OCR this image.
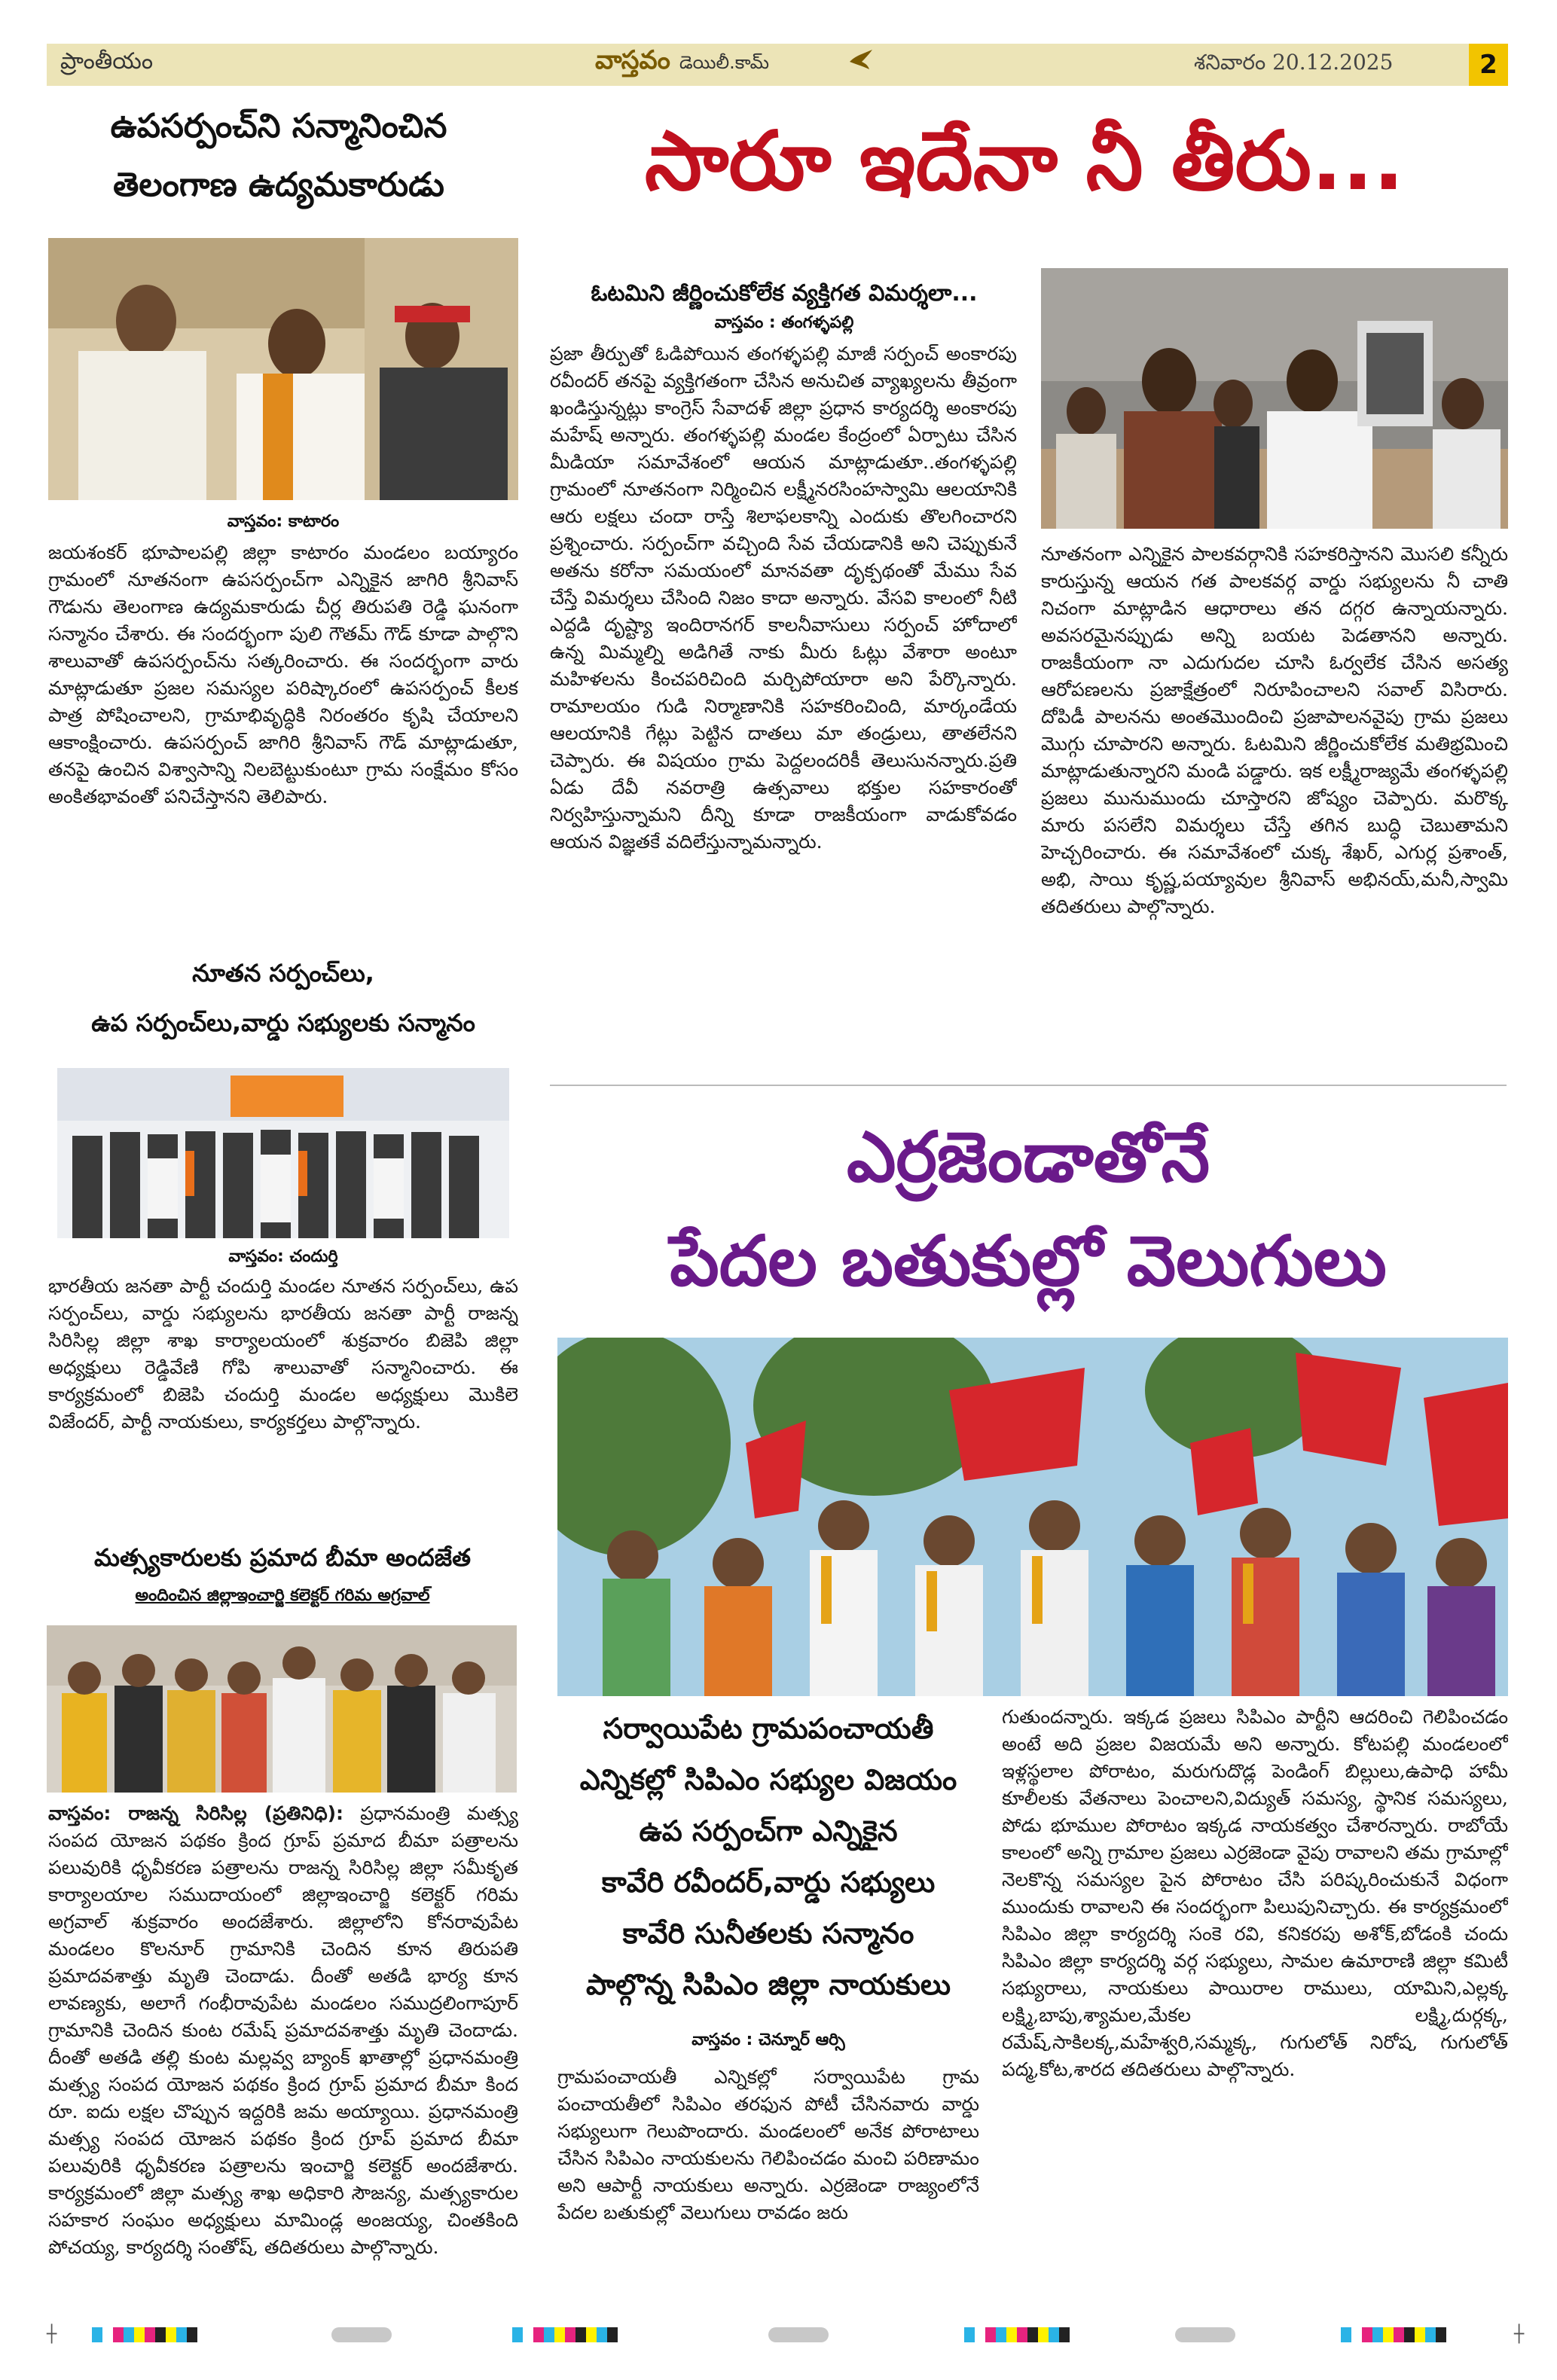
ప్రాంతీయం	వాస్తవం డెయిలీ.కామ్	శనివారం 20.12.2025	2
ఉపసర్పంచ్‌ని సన్మానించిన
తెలంగాణ ఉద్యమకారుడు
వాస్తవం: కాటారం
జయశంకర్ భూపాలపల్లి జిల్లా కాటారం మండలం బయ్యారం గ్రామంలో నూతనంగా ఉపసర్పంచ్‌గా ఎన్నికైన జాగిరి శ్రీనివాస్ గౌడును తెలంగాణ ఉద్యమకారుడు చీర్ల తిరుపతి రెడ్డి ఘనంగా సన్మానం చేశారు. ఈ సందర్భంగా పులి గౌతమ్ గౌడ్ కూడా పాల్గొని శాలువాతో ఉపసర్పంచ్‌ను సత్కరించారు. ఈ సందర్భంగా వారు మాట్లాడుతూ ప్రజల సమస్యల పరిష్కారంలో ఉపసర్పంచ్ కీలక పాత్ర పోషించాలని, గ్రామాభివృద్ధికి నిరంతరం కృషి చేయాలని ఆకాంక్షించారు. ఉపసర్పంచ్ జాగిరి శ్రీనివాస్ గౌడ్ మాట్లాడుతూ, తనపై ఉంచిన విశ్వాసాన్ని నిలబెట్టుకుంటూ గ్రామ సంక్షేమం కోసం అంకితభావంతో పనిచేస్తానని తెలిపారు.
నూతన సర్పంచ్‌లు,
ఉప సర్పంచ్‌లు,వార్డు సభ్యులకు సన్మానం
వాస్తవం: చందుర్తి
భారతీయ జనతా పార్టీ చందుర్తి మండల నూతన సర్పంచ్‌లు, ఉప సర్పంచ్‌లు, వార్డు సభ్యులను భారతీయ జనతా పార్టీ రాజన్న సిరిసిల్ల జిల్లా శాఖ కార్యాలయంలో శుక్రవారం బిజెపి జిల్లా అధ్యక్షులు రెడ్డివేణి గోపి శాలువాతో సన్మానించారు. ఈ కార్యక్రమంలో బిజెపి చందుర్తి మండల అధ్యక్షులు మొకిలె విజేందర్, పార్టీ నాయకులు, కార్యకర్తలు పాల్గొన్నారు.
మత్స్యకారులకు ప్రమాద బీమా అందజేత
అందించిన జిల్లాఇంచార్జి కలెక్టర్ గరిమ అగ్రవాల్
వాస్తవం: రాజన్న సిరిసిల్ల (ప్రతినిధి): ప్రధానమంత్రి మత్స్య సంపద యోజన పథకం క్రింద గ్రూప్ ప్రమాద బీమా పత్రాలను పలువురికి ధృవీకరణ పత్రాలను రాజన్న సిరిసిల్ల జిల్లా సమీకృత కార్యాలయాల సముదాయంలో జిల్లాఇంచార్జి కలెక్టర్ గరిమ అగ్రవాల్ శుక్రవారం అందజేశారు. జిల్లాలోని కోనరావుపేట మండలం కొలనూర్ గ్రామానికి చెందిన కూన తిరుపతి ప్రమాదవశాత్తు మృతి చెందాడు. దీంతో అతడి భార్య కూన లావణ్యకు, అలాగే గంభీరావుపేట మండలం సముద్రలింగాపూర్ గ్రామానికి చెందిన కుంట రమేష్ ప్రమాదవశాత్తు మృతి చెందాడు. దీంతో అతడి తల్లి కుంట మల్లవ్వ బ్యాంక్ ఖాతాల్లో ప్రధానమంత్రి మత్స్య సంపద యోజన పథకం క్రింద గ్రూప్ ప్రమాద బీమా కింద రూ. ఐదు లక్షల చొప్పున ఇద్దరికి జమ అయ్యాయి. ప్రధానమంత్రి మత్స్య సంపద యోజన పథకం క్రింద గ్రూప్ ప్రమాద బీమా పలువురికి ధృవీకరణ పత్రాలను ఇంచార్జి కలెక్టర్ అందజేశారు. కార్యక్రమంలో జిల్లా మత్స్య శాఖ అధికారి సౌజన్య, మత్స్యకారుల సహకార సంఘం అధ్యక్షులు మామిండ్ల అంజయ్య, చింతకింది పోచయ్య, కార్యదర్శి సంతోష్, తదితరులు పాల్గొన్నారు.
సారూ ఇదేనా నీ తీరు...
ఓటమిని జీర్ణించుకోలేక వ్యక్తిగత విమర్శలా...
వాస్తవం : తంగళ్ళపల్లి
ప్రజా తీర్పుతో ఓడిపోయిన తంగళ్ళపల్లి మాజీ సర్పంచ్ అంకారపు రవీందర్ తనపై వ్యక్తిగతంగా చేసిన అనుచిత వ్యాఖ్యలను తీవ్రంగా ఖండిస్తున్నట్లు కాంగ్రెస్ సేవాదళ్ జిల్లా ప్రధాన కార్యదర్శి అంకారపు మహేష్ అన్నారు. తంగళ్ళపల్లి మండల కేంద్రంలో ఏర్పాటు చేసిన మీడియా సమావేశంలో ఆయన మాట్లాడుతూ..తంగళ్ళపల్లి గ్రామంలో నూతనంగా నిర్మించిన లక్ష్మీనరసింహస్వామి ఆలయానికి ఆరు లక్షలు చందా రాస్తే శిలాఫలకాన్ని ఎందుకు తొలగించారని ప్రశ్నించారు. సర్పంచ్‌గా వచ్చింది సేవ చేయడానికి అని చెప్పుకునే అతను కరోనా సమయంలో మానవతా దృక్పథంతో మేము సేవ చేస్తే విమర్శలు చేసింది నిజం కాదా అన్నారు. వేసవి కాలంలో నీటి ఎద్దడి దృష్ట్యా ఇందిరానగర్ కాలనీవాసులు సర్పంచ్ హోదాలో ఉన్న మిమ్మల్ని అడిగితే నాకు మీరు ఓట్లు వేశారా అంటూ మహిళలను కించపరిచింది మర్చిపోయారా అని పేర్కొన్నారు. రామాలయం గుడి నిర్మాణానికి సహకరించింది, మార్కండేయ ఆలయానికి గేట్లు పెట్టిన దాతలు మా తండ్రులు, తాతలేనని చెప్పారు. ఈ విషయం గ్రామ పెద్దలందరికీ తెలుసునన్నారు.ప్రతి ఏడు దేవీ నవరాత్రి ఉత్సవాలు భక్తుల సహకారంతో నిర్వహిస్తున్నామని దీన్ని కూడా రాజకీయంగా వాడుకోవడం ఆయన విజ్ఞతకే వదిలేస్తున్నామన్నారు.
నూతనంగా ఎన్నికైన పాలకవర్గానికి సహకరిస్తానని మొసలి కన్నీరు కారుస్తున్న ఆయన గత పాలకవర్గ వార్డు సభ్యులను నీ చాతి నిచంగా మాట్లాడిన ఆధారాలు తన దగ్గర ఉన్నాయన్నారు. అవసరమైనప్పుడు అన్ని బయట పెడతానని అన్నారు. రాజకీయంగా నా ఎదుగుదల చూసి ఓర్వలేక చేసిన అసత్య ఆరోపణలను ప్రజాక్షేత్రంలో నిరూపించాలని సవాల్ విసిరారు. దోపిడీ పాలనను అంతమొందించి ప్రజాపాలనవైపు గ్రామ ప్రజలు మొగ్గు చూపారని అన్నారు. ఓటమిని జీర్ణించుకోలేక మతిభ్రమించి మాట్లాడుతున్నారని మండి పడ్డారు. ఇక లక్ష్మీరాజ్యమే తంగళ్ళపల్లి ప్రజలు మునుముందు చూస్తారని జోష్యం చెప్పారు. మరొక్క మారు పసలేని విమర్శలు చేస్తే తగిన బుద్ధి చెబుతామని హెచ్చరించారు. ఈ సమావేశంలో చుక్క శేఖర్, ఎగుర్ల ప్రశాంత్, అభి, సాయి కృష్ణ,పయ్యావుల శ్రీనివాస్ అభినయ్,మనీ,స్వామి తదితరులు పాల్గొన్నారు.
ఎర్రజెండాతోనే
పేదల బతుకుల్లో వెలుగులు
సర్వాయిపేట గ్రామపంచాయతీ
ఎన్నికల్లో సిపిఎం సభ్యుల విజయం
ఉప సర్పంచ్‌గా ఎన్నికైన
కావేరి రవీందర్,వార్డు సభ్యులు
కావేరి సునీతలకు సన్మానం
పాల్గొన్న సిపిఎం జిల్లా నాయకులు
వాస్తవం : చెన్నూర్ ఆర్సి
గ్రామపంచాయతీ ఎన్నికల్లో సర్వాయిపేట గ్రామ పంచాయతీలో సిపిఎం తరఫున పోటీ చేసినవారు వార్డు సభ్యులుగా గెలుపొందారు. మండలంలో అనేక పోరాటాలు చేసిన సిపిఎం నాయకులను గెలిపించడం మంచి పరిణామం అని ఆపార్టీ నాయకులు అన్నారు. ఎర్రజెండా రాజ్యంలోనే పేదల బతుకుల్లో వెలుగులు రావడం జరు
గుతుందన్నారు. ఇక్కడ ప్రజలు సిపిఎం పార్టీని ఆదరించి గెలిపించడం అంటే అది ప్రజల విజయమే అని అన్నారు. కోటపల్లి మండలంలో ఇళ్లస్థలాల పోరాటం, మరుగుదొడ్ల పెండింగ్ బిల్లులు,ఉపాధి హామీ కూలీలకు వేతనాలు పెంచాలని,విద్యుత్ సమస్య, స్థానిక సమస్యలు, పోడు భూముల పోరాటం ఇక్కడ నాయకత్వం చేశారన్నారు. రాబోయే కాలంలో అన్ని గ్రామాల ప్రజలు ఎర్రజెండా వైపు రావాలని తమ గ్రామాల్లో నెలకొన్న సమస్యల పైన పోరాటం చేసి పరిష్కరించుకునే విధంగా ముందుకు రావాలని ఈ సందర్భంగా పిలుపునిచ్చారు. ఈ కార్యక్రమంలో సిపిఎం జిల్లా కార్యదర్శి సంకె రవి, కనికరపు అశోక్,బోడంకి చందు సిపిఎం జిల్లా కార్యదర్శి వర్గ సభ్యులు, సామల ఉమారాణి జిల్లా కమిటీ సభ్యురాలు, నాయకులు పాయిరాల రాములు, యామిని,ఎల్లక్క లక్ష్మి,బాపు,శ్యామల,మేకల లక్ష్మి,దుర్గక్క, రమేష్,సాకిలక్క,మహేశ్వరి,సమ్మక్క, గుగులోత్ నిరోష, గుగులోత్ పద్మ,కోట,శారద తదితరులు పాల్గొన్నారు.
┼	┼
